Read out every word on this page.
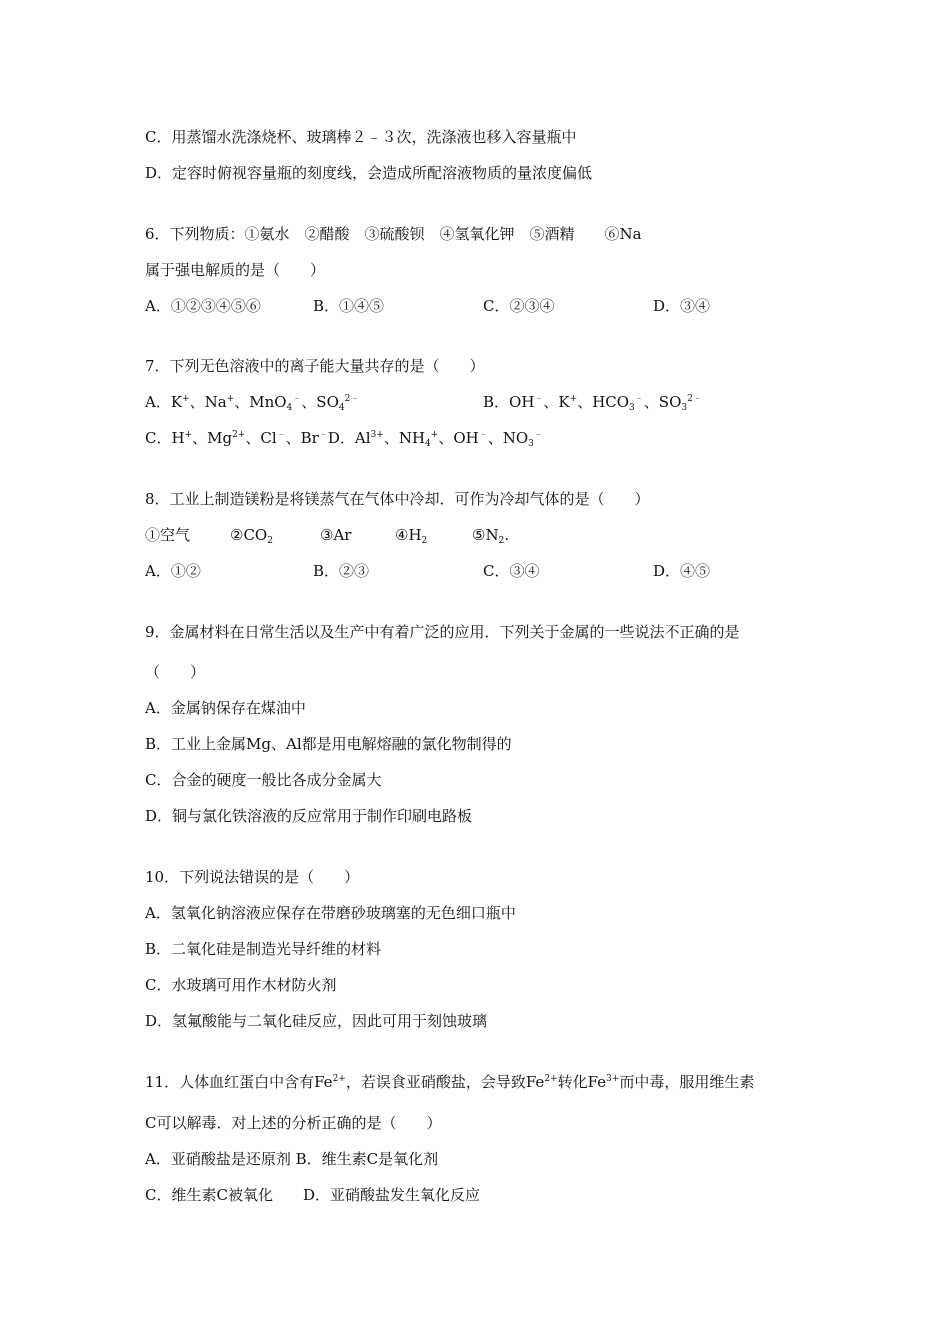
C．用蒸馏水洗涤烧杯、玻璃棒２﹣３次，洗涤液也移入容量瓶中
D．定容时俯视容量瓶的刻度线，会造成所配溶液物质的量浓度偏低
6．下列物质：①氨水　②醋酸　③硫酸钡　④氢氧化钾　⑤酒精　　⑥Na
属于强电解质的是（　　）
A．①②③④⑤⑥	B．①④⑤	C．②③④	D．③④
7．下列无色溶液中的离子能大量共存的是（　　）
A．K+、Na+、MnO$_4$﹣、$SO_4^{2﹣}$	B．OH﹣、K+、$HCO_3^﹣$、$SO_3^{2﹣}$
C．H+、$Mg^{2+}$、Cl﹣、Br﹣D．$Al^{3+}$、$NH_4^+$、OH﹣、$NO_3^﹣$
8．工业上制造镁粉是将镁蒸气在气体中冷却．可作为冷却气体的是（　　）
①空气	$②CO_2$	③Ar	$④H_2$	$⑤N_2$.
A．①②	B．②③	C．③④	D．④⑤
9．金属材料在日常生活以及生产中有着广泛的应用．下列关于金属的一些说法不正确的是
（　　）
A．金属钠保存在煤油中
B．工业上金属Mg、Al都是用电解熔融的氯化物制得的
C．合金的硬度一般比各成分金属大
D．铜与氯化铁溶液的反应常用于制作印刷电路板
10．下列说法错误的是（　　）
A．氢氧化钠溶液应保存在带磨砂玻璃塞的无色细口瓶中
B．二氧化硅是制造光导纤维的材料
C．水玻璃可用作木材防火剂
D．氢氟酸能与二氧化硅反应，因此可用于刻蚀玻璃
11．人体血红蛋白中含有$Fe^{2+}$，若误食亚硝酸盐，会导致$Fe^{2+}$转化$Fe^{3+}$而中毒，服用维生素
C可以解毒．对上述的分析正确的是（　　）
A．亚硝酸盐是还原剂 B．维生素C是氧化剂
C．维生素C被氧化　　D．亚硝酸盐发生氧化反应
